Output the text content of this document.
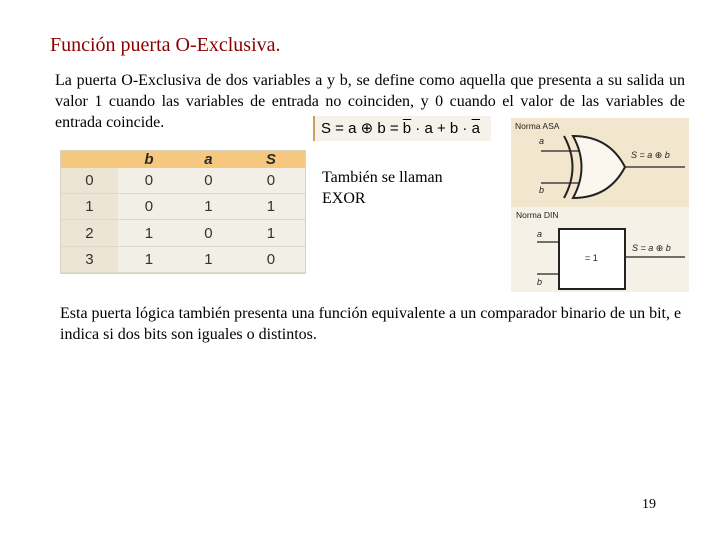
Función puerta O-Exclusiva.
La puerta O-Exclusiva de dos variables a y b, se define como aquella que presenta a su salida un valor 1 cuando las variables de entrada no coinciden, y 0 cuando el valor de las variables de entrada coincide.	S = a ⊕ $b = \overline{b} \cdot a + b \cdot \overline{a}$
	b	a	S
0	0	0	0
1	0	1	1
2	1	0	1
3	1	1	0
También se llaman
EXOR
Norma ASA
a
b
S = a ⊕ b
Norma DIN
a
b
= 1
S = a ⊕ b
Esta puerta lógica también presenta una función equivalente a un comparador binario de un bit, e indica si dos bits son iguales o distintos.
19
